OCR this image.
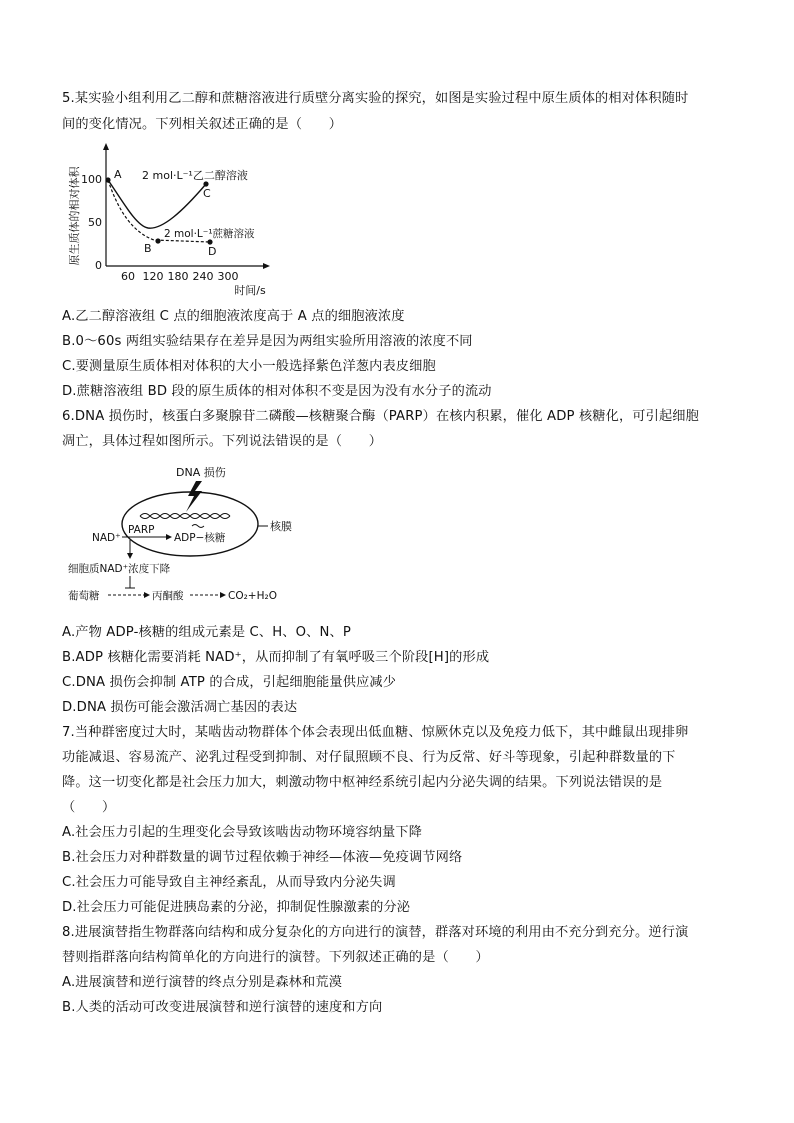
5.某实验小组利用乙二醇和蔗糖溶液进行质壁分离实验的探究，如图是实验过程中原生质体的相对体积随时
间的变化情况。下列相关叙述正确的是（　　）
原生质体的相对体积 100
50
0
60 120 180 240 300
时间/s
A
C
B	D
2 mol·L⁻¹乙二醇溶液
2 mol·L⁻¹蔗糖溶液
A.乙二醇溶液组 C 点的细胞液浓度高于 A 点的细胞液浓度
B.0～60s 两组实验结果存在差异是因为两组实验所用溶液的浓度不同
C.要测量原生质体相对体积的大小一般选择紫色洋葱内表皮细胞
D.蔗糖溶液组 BD 段的原生质体的相对体积不变是因为没有水分子的流动
6.DNA 损伤时，核蛋白多聚腺苷二磷酸—核糖聚合酶（PARP）在核内积累，催化 ADP 核糖化，可引起细胞
凋亡，具体过程如图所示。下列说法错误的是（　　）
DNA 损伤
PARP
ADP−核糖
NAD⁺
核膜
细胞质NAD⁺浓度下降
葡萄糖	丙酮酸	CO₂+H₂O
A.产物 ADP-核糖的组成元素是 C、H、O、N、P
B.ADP 核糖化需要消耗 NAD⁺，从而抑制了有氧呼吸三个阶段[H]的形成
C.DNA 损伤会抑制 ATP 的合成，引起细胞能量供应减少
D.DNA 损伤可能会激活凋亡基因的表达
7.当种群密度过大时，某啮齿动物群体个体会表现出低血糖、惊厥休克以及免疫力低下，其中雌鼠出现排卵
功能减退、容易流产、泌乳过程受到抑制、对仔鼠照顾不良、行为反常、好斗等现象，引起种群数量的下
降。这一切变化都是社会压力加大，刺激动物中枢神经系统引起内分泌失调的结果。下列说法错误的是
（　　）
A.社会压力引起的生理变化会导致该啮齿动物环境容纳量下降
B.社会压力对种群数量的调节过程依赖于神经—体液—免疫调节网络
C.社会压力可能导致自主神经紊乱，从而导致内分泌失调
D.社会压力可能促进胰岛素的分泌，抑制促性腺激素的分泌
8.进展演替指生物群落向结构和成分复杂化的方向进行的演替，群落对环境的利用由不充分到充分。逆行演
替则指群落向结构简单化的方向进行的演替。下列叙述正确的是（　　）
A.进展演替和逆行演替的终点分别是森林和荒漠
B.人类的活动可改变进展演替和逆行演替的速度和方向
